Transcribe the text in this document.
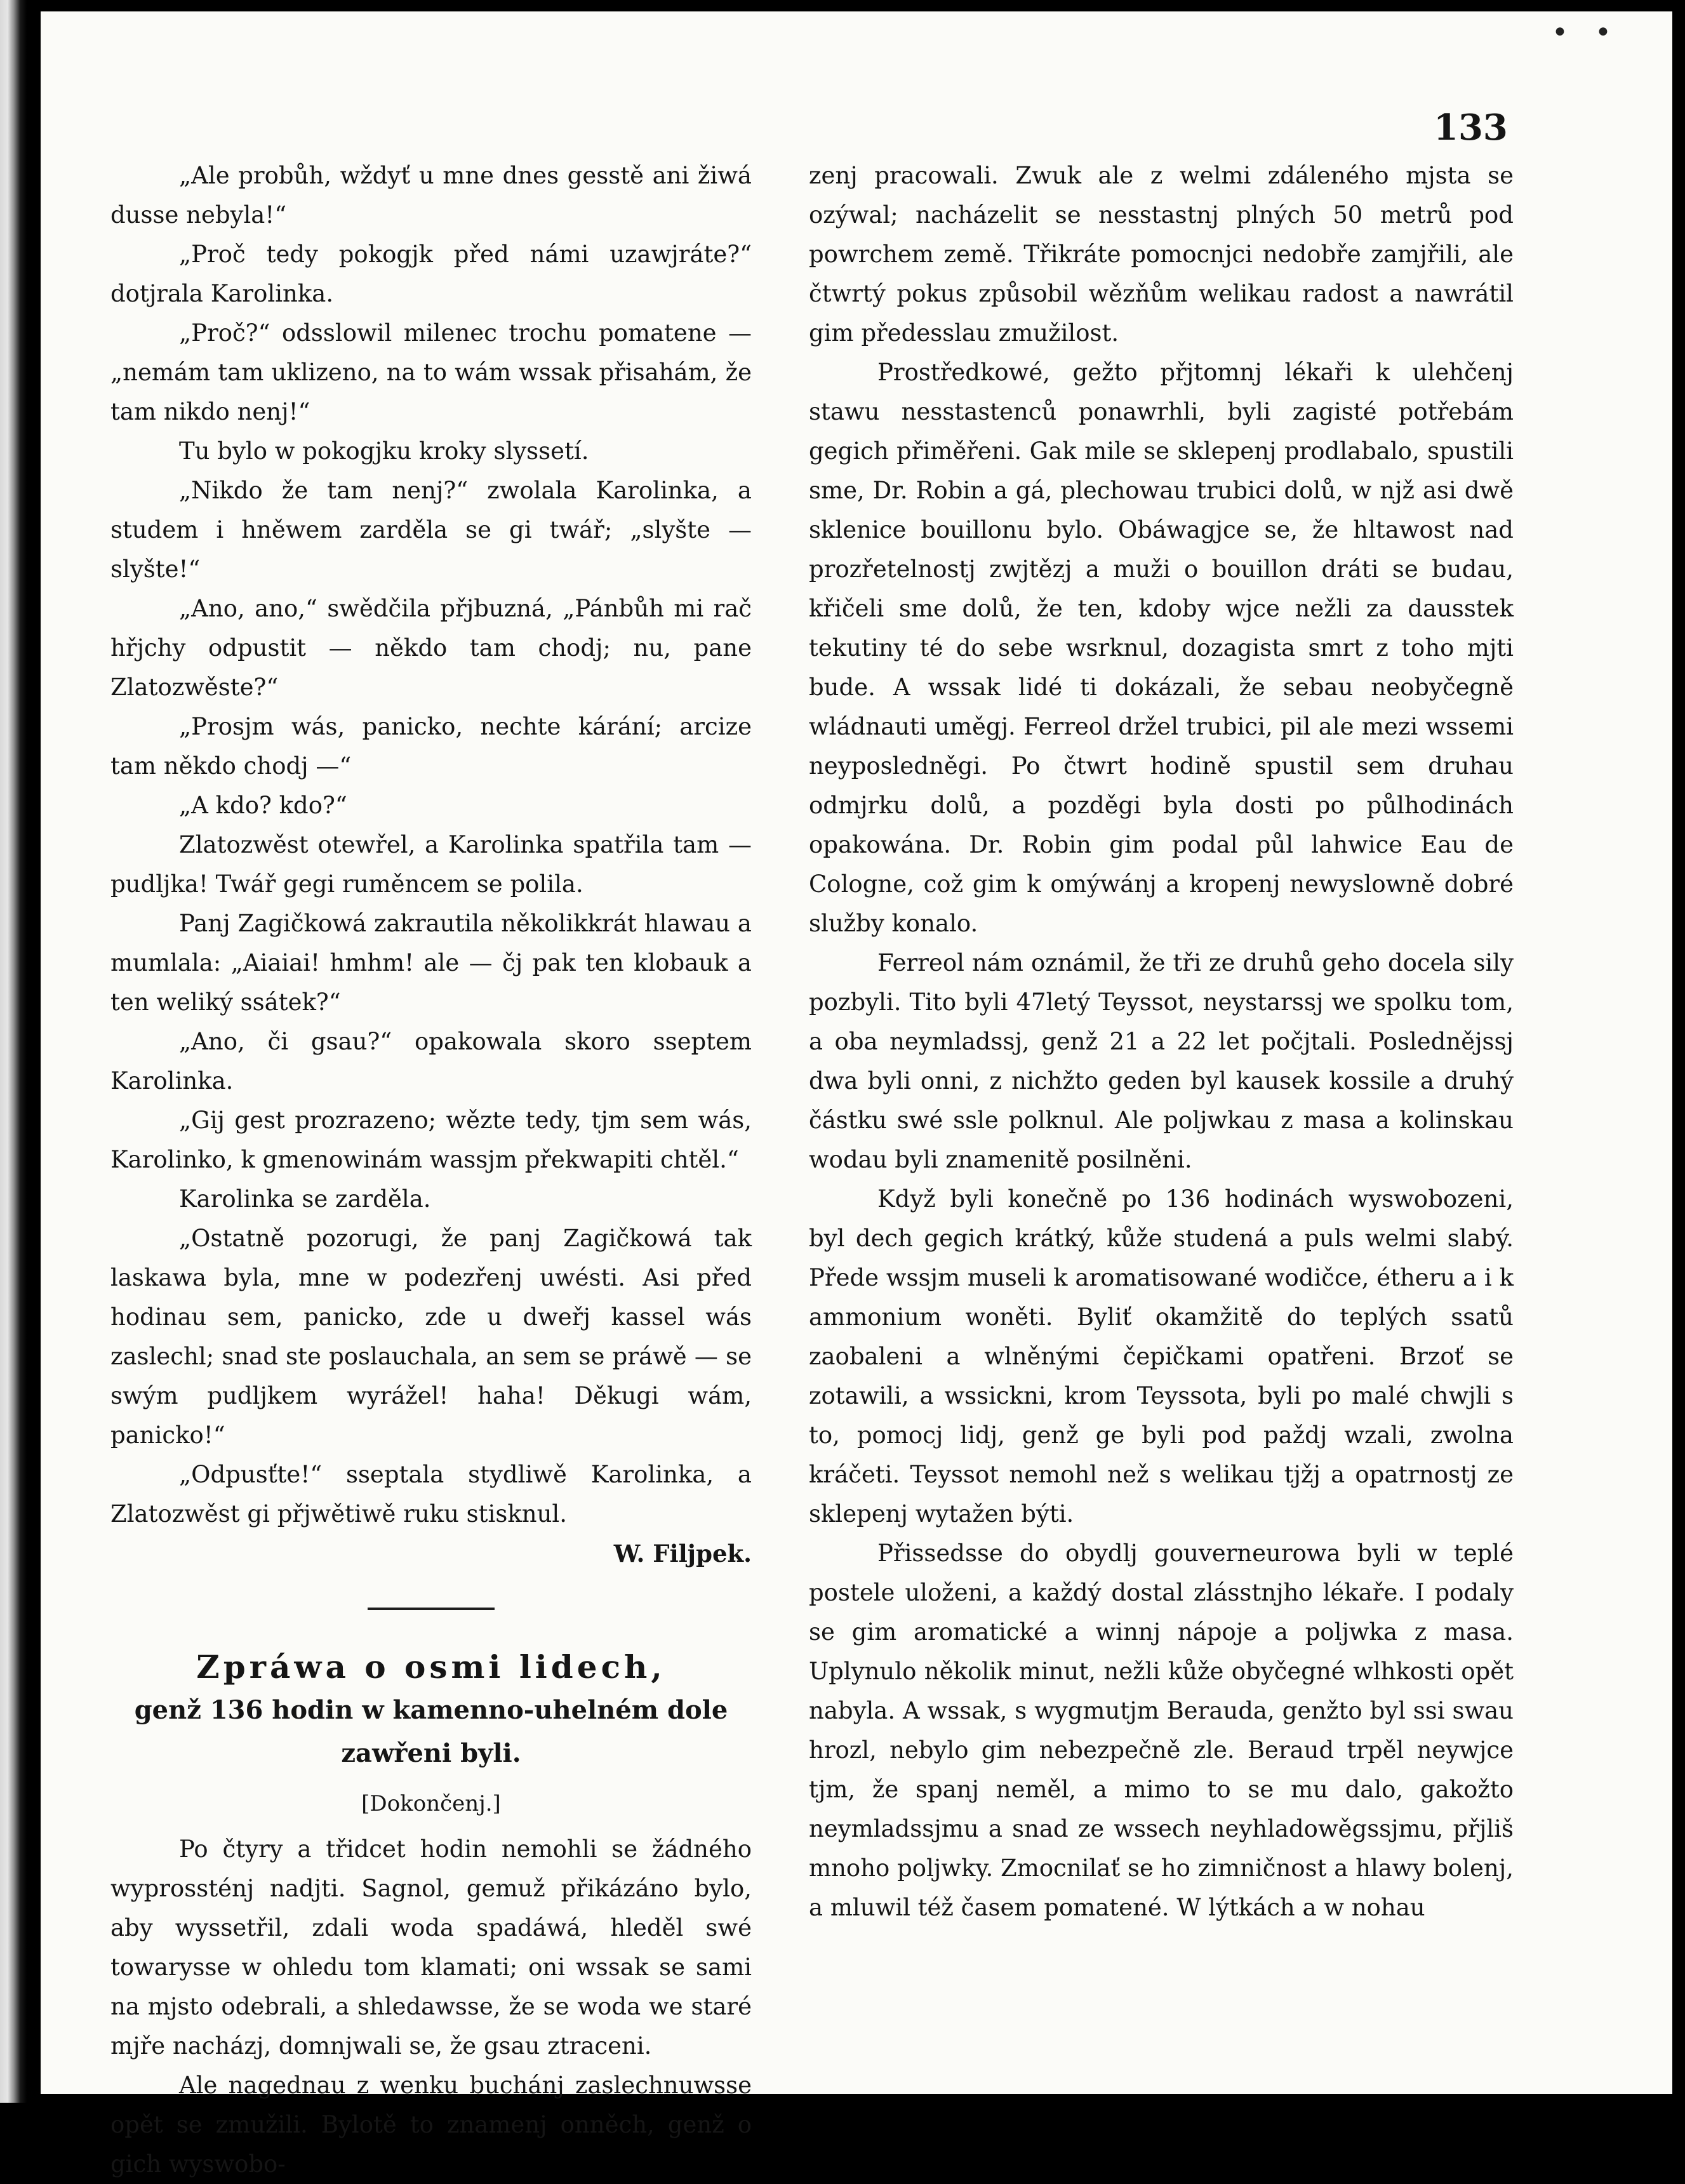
• •
133

„Ale probůh, wždyť u mne dnes gesstě ani žiwá dusse nebyla!“

„Proč tedy pokogjk před námi uzawjráte?“ dotjrala Karolinka.

„Proč?“ odsslowil milenec trochu pomatene — „nemám tam uklizeno, na to wám wssak přisahám, že tam nikdo nenj!“

Tu bylo w pokogjku kroky slyssetí.

„Nikdo že tam nenj?“ zwolala Karolinka, a studem i hněwem zarděla se gi twář; „slyšte — slyšte!“

„Ano, ano,“ swědčila přjbuzná, „Pánbůh mi rač hřjchy odpustit — někdo tam chodj; nu, pane Zlatozwěste?“

„Prosjm wás, panicko, nechte kárání; arcize tam někdo chodj —“

„A kdo? kdo?“

Zlatozwěst otewřel, a Karolinka spatřila tam — pudljka! Twář gegi ruměncem se polila.

Panj Zagičkowá zakrautila několikkrát hlawau a mumlala: „Aiaiai! hmhm! ale — čj pak ten klobauk a ten weliký ssátek?“

„Ano, či gsau?“ opakowala skoro sseptem Karolinka.

„Gij gest prozrazeno; wězte tedy, tjm sem wás, Karolinko, k gmenowinám wassjm překwapiti chtěl.“

Karolinka se zarděla.

„Ostatně pozorugi, že panj Zagičkowá tak laskawa byla, mne w podezřenj uwésti. Asi před hodinau sem, panicko, zde u dweřj kassel wás zaslechl; snad ste poslauchala, an sem se práwě — se swým pudljkem wyrážel! haha! Děkugi wám, panicko!“

„Odpusťte!“ sseptala stydliwě Karolinka, a Zlatozwěst gi přjwětiwě ruku stisknul.

W. Filjpek.
Zpráwa o osmi lidech,
genž 136 hodin w kamenno-uhelném dole zawřeni byli.
[Dokončenj.]

Po čtyry a třidcet hodin nemohli se žádného wyprossténj nadjti. Sagnol, gemuž přikázáno bylo, aby wyssetřil, zdali woda spadáwá, hleděl swé towarysse w ohledu tom klamati; oni wssak se sami na mjsto odebrali, a shledawsse, že se woda we staré mjře nacházj, domnjwali se, že gsau ztraceni.

Ale nagednau z wenku buchánj zaslechnuwsse opět se zmužili. Bylotě to znamenj onněch, genž o gich wyswobo-

zenj pracowali. Zwuk ale z welmi zdáleného mjsta se ozýwal; nacházelit se nesstastnj plných 50 metrů pod powrchem země. Třikráte pomocnjci nedobře zamjřili, ale čtwrtý pokus způsobil wězňům welikau radost a nawrátil gim předesslau zmužilost.

Prostředkowé, gežto přjtomnj lékaři k ulehčenj stawu nesstastenců ponawrhli, byli zagisté potřebám gegich přiměřeni. Gak mile se sklepenj prodlabalo, spustili sme, Dr. Robin a gá, plechowau trubici dolů, w njž asi dwě sklenice bouillonu bylo. Obáwagjce se, že hltawost nad prozřetelnostj zwjtězj a muži o bouillon dráti se budau, křičeli sme dolů, že ten, kdoby wjce nežli za dausstek tekutiny té do sebe wsrknul, dozagista smrt z toho mjti bude. A wssak lidé ti dokázali, že sebau neobyčegně wládnauti uměgj. Ferreol držel trubici, pil ale mezi wssemi neyposledněgi. Po čtwrt hodině spustil sem druhau odmjrku dolů, a pozděgi byla dosti po půlhodinách opakowána. Dr. Robin gim podal půl lahwice Eau de Cologne, což gim k omýwánj a kropenj newyslowně dobré služby konalo.

Ferreol nám oznámil, že tři ze druhů geho docela sily pozbyli. Tito byli 47letý Teyssot, neystarssj we spolku tom, a oba neymladssj, genž 21 a 22 let počjtali. Poslednějssj dwa byli onni, z nichžto geden byl kausek kossile a druhý částku swé ssle polknul. Ale poljwkau z masa a kolinskau wodau byli znamenitě posilněni.

Když byli konečně po 136 hodinách wyswobozeni, byl dech gegich krátký, kůže studená a puls welmi slabý. Přede wssjm museli k aromatisowané wodičce, étheru a i k ammonium woněti. Byliť okamžitě do teplých ssatů zaobaleni a wlněnými čepičkami opatřeni. Brzoť se zotawili, a wssickni, krom Teyssota, byli po malé chwjli s to, pomocj lidj, genž ge byli pod paždj wzali, zwolna kráčeti. Teyssot nemohl než s welikau tjžj a opatrnostj ze sklepenj wytažen býti.

Přissedsse do obydlj gouverneurowa byli w teplé postele uloženi, a každý dostal zlásstnjho lékaře. I podaly se gim aromatické a winnj nápoje a poljwka z masa. Uplynulo několik minut, nežli kůže obyčegné wlhkosti opět nabyla. A wssak, s wygmutjm Berauda, genžto byl ssi swau hrozl, nebylo gim nebezpečně zle. Beraud trpěl neywjce tjm, že spanj neměl, a mimo to se mu dalo, gakožto neymladssjmu a snad ze wssech neyhladowěgssjmu, přjliš mnoho poljwky. Zmocnilať se ho zimničnost a hlawy bolenj, a mluwil též časem pomatené. W lýtkách a w nohau
